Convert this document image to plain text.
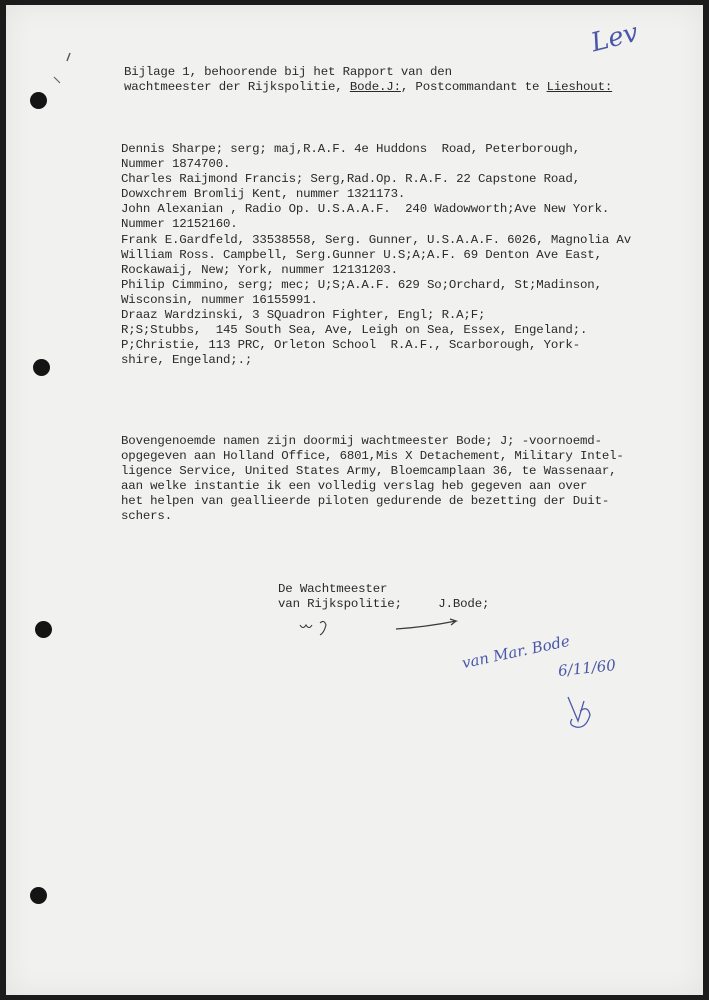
Lev
Bijlage 1, behoorende bij het Rapport van den
wachtmeester der Rijkspolitie, Bode.J:, Postcommandant te Lieshout:
Dennis Sharpe; serg; maj,R.A.F. 4e Huddons  Road, Peterborough,
Nummer 1874700.
Charles Raijmond Francis; Serg,Rad.Op. R.A.F. 22 Capstone Road,
Dowxchrem Bromlij Kent, nummer 1321173.
John Alexanian , Radio Op. U.S.A.A.F.  240 Wadowworth;Ave New York.
Nummer 12152160.
Frank E.Gardfeld, 33538558, Serg. Gunner, U.S.A.A.F. 6026, Magnolia Av
William Ross. Campbell, Serg.Gunner U.S;A;A.F. 69 Denton Ave East,
Rockawaij, New; York, nummer 12131203.
Philip Cimmino, serg; mec; U;S;A.A.F. 629 So;Orchard, St;Madinson,
Wisconsin, nummer 16155991.
Draaz Wardzinski, 3 SQuadron Fighter, Engl; R.A;F;
R;S;Stubbs,  145 South Sea, Ave, Leigh on Sea, Essex, Engeland;.
P;Christie, 113 PRC, Orleton School  R.A.F., Scarborough, York-
shire, Engeland;.;
Bovengenoemde namen zijn doormij wachtmeester Bode; J; -voornoemd-
opgegeven aan Holland Office, 6801,Mis X Detachement, Military Intel-
ligence Service, United States Army, Bloemcamplaan 36, te Wassenaar,
aan welke instantie ik een volledig verslag heb gegeven aan over
het helpen van geallieerde piloten gedurende de bezetting der Duit-
schers.
De Wachtmeester
van Rijkspolitie;     J.Bode;
van Mar. Bode
6/11/60
